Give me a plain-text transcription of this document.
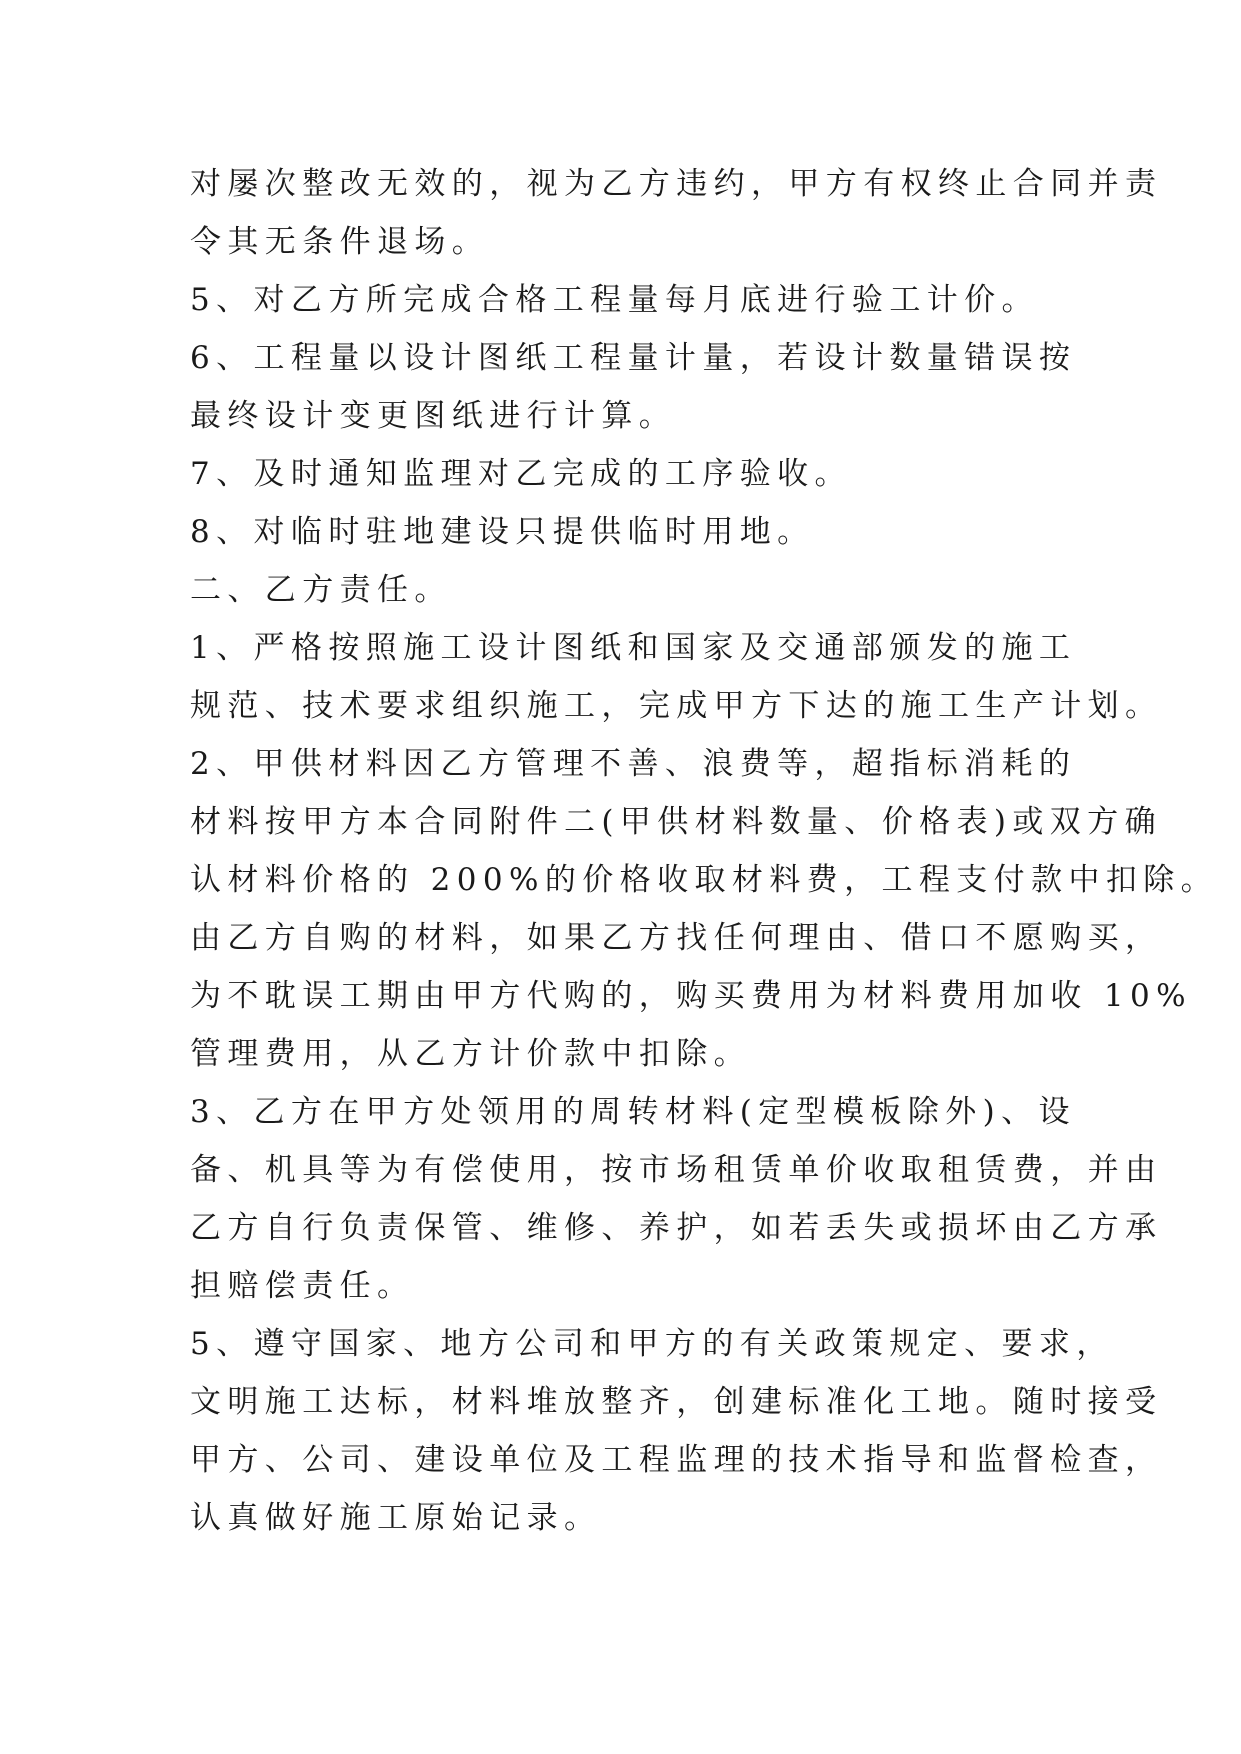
对屡次整改无效的，视为乙方违约，甲方有权终止合同并责
令其无条件退场。
5、对乙方所完成合格工程量每月底进行验工计价。
6、工程量以设计图纸工程量计量，若设计数量错误按
最终设计变更图纸进行计算。
7、及时通知监理对乙完成的工序验收。
8、对临时驻地建设只提供临时用地。
二、乙方责任。
1、严格按照施工设计图纸和国家及交通部颁发的施工
规范、技术要求组织施工，完成甲方下达的施工生产计划。
2、甲供材料因乙方管理不善、浪费等，超指标消耗的
材料按甲方本合同附件二(甲供材料数量、价格表)或双方确
认材料价格的 200%的价格收取材料费，工程支付款中扣除。
由乙方自购的材料，如果乙方找任何理由、借口不愿购买，
为不耽误工期由甲方代购的，购买费用为材料费用加收 10%
管理费用，从乙方计价款中扣除。
3、乙方在甲方处领用的周转材料(定型模板除外)、设
备、机具等为有偿使用，按市场租赁单价收取租赁费，并由
乙方自行负责保管、维修、养护，如若丢失或损坏由乙方承
担赔偿责任。
5、遵守国家、地方公司和甲方的有关政策规定、要求，
文明施工达标，材料堆放整齐，创建标准化工地。随时接受
甲方、公司、建设单位及工程监理的技术指导和监督检查，
认真做好施工原始记录。
